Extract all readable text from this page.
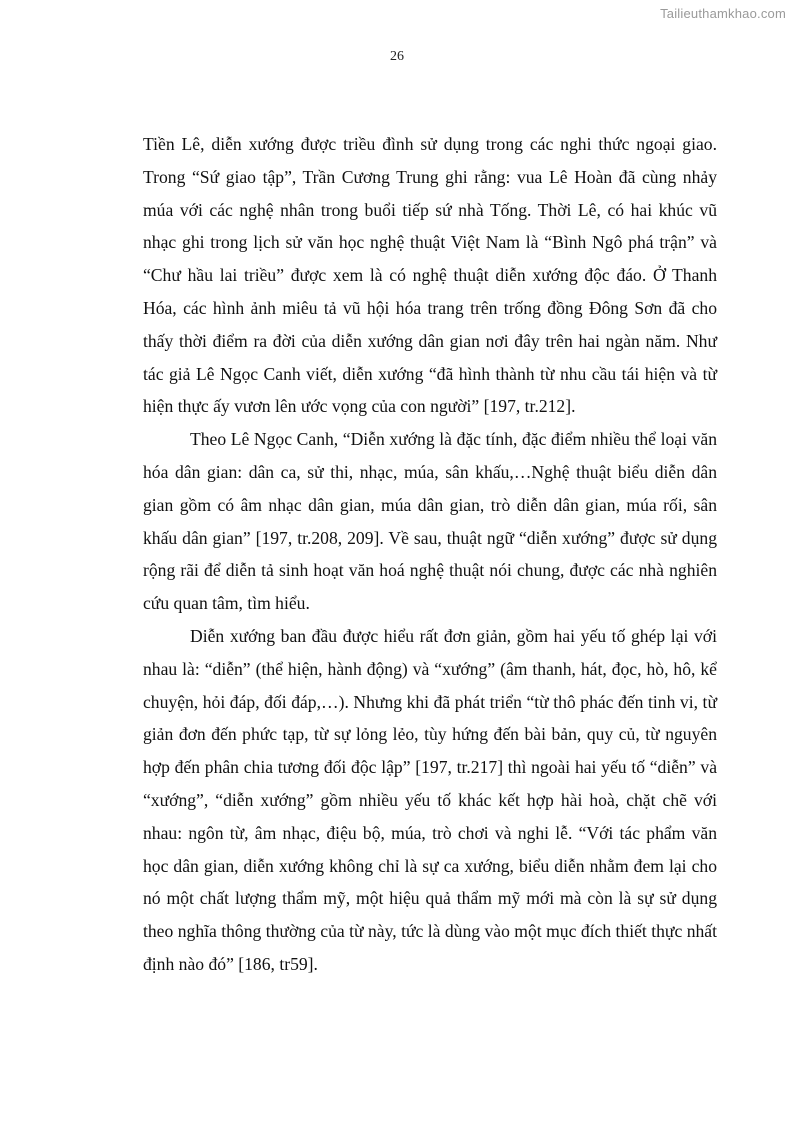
Tailieuthamkhao.com
26

Tiền Lê, diễn xướng được triều đình sử dụng trong các nghi thức ngoại giao. Trong “Sứ giao tập”, Trần Cương Trung ghi rằng: vua Lê Hoàn đã cùng nhảy múa với các nghệ nhân trong buổi tiếp sứ nhà Tống. Thời Lê, có hai khúc vũ nhạc ghi trong lịch sử văn học nghệ thuật Việt Nam là “Bình Ngô phá trận” và “Chư hầu lai triều” được xem là có nghệ thuật diễn xướng độc đáo. Ở Thanh Hóa, các hình ảnh miêu tả vũ hội hóa trang trên trống đồng Đông Sơn đã cho thấy thời điểm ra đời của diễn xướng dân gian nơi đây trên hai ngàn năm. Như tác giả Lê Ngọc Canh viết, diễn xướng “đã hình thành từ nhu cầu tái hiện và từ hiện thực ấy vươn lên ước vọng của con người” [197, tr.212].

Theo Lê Ngọc Canh, “Diễn xướng là đặc tính, đặc điểm nhiều thể loại văn hóa dân gian: dân ca, sử thi, nhạc, múa, sân khấu,…Nghệ thuật biểu diễn dân gian gồm có âm nhạc dân gian, múa dân gian, trò diễn dân gian, múa rối, sân khấu dân gian” [197, tr.208, 209]. Về sau, thuật ngữ “diễn xướng” được sử dụng rộng rãi để diễn tả sinh hoạt văn hoá nghệ thuật nói chung, được các nhà nghiên cứu quan tâm, tìm hiểu.

Diễn xướng ban đầu được hiểu rất đơn giản, gồm hai yếu tố ghép lại với nhau là: “diễn” (thể hiện, hành động) và “xướng” (âm thanh, hát, đọc, hò, hô, kể chuyện, hỏi đáp, đối đáp,…). Nhưng khi đã phát triển “từ thô phác đến tinh vi, từ giản đơn đến phức tạp, từ sự lỏng lẻo, tùy hứng đến bài bản, quy củ, từ nguyên hợp đến phân chia tương đối độc lập” [197, tr.217] thì ngoài hai yếu tố “diễn” và “xướng”, “diễn xướng” gồm nhiều yếu tố khác kết hợp hài hoà, chặt chẽ với nhau: ngôn từ, âm nhạc, điệu bộ, múa, trò chơi và nghi lễ. “Với tác phẩm văn học dân gian, diễn xướng không chỉ là sự ca xướng, biểu diễn nhằm đem lại cho nó một chất lượng thẩm mỹ, một hiệu quả thẩm mỹ mới mà còn là sự sử dụng theo nghĩa thông thường của từ này, tức là dùng vào một mục đích thiết thực nhất định nào đó” [186, tr59].
